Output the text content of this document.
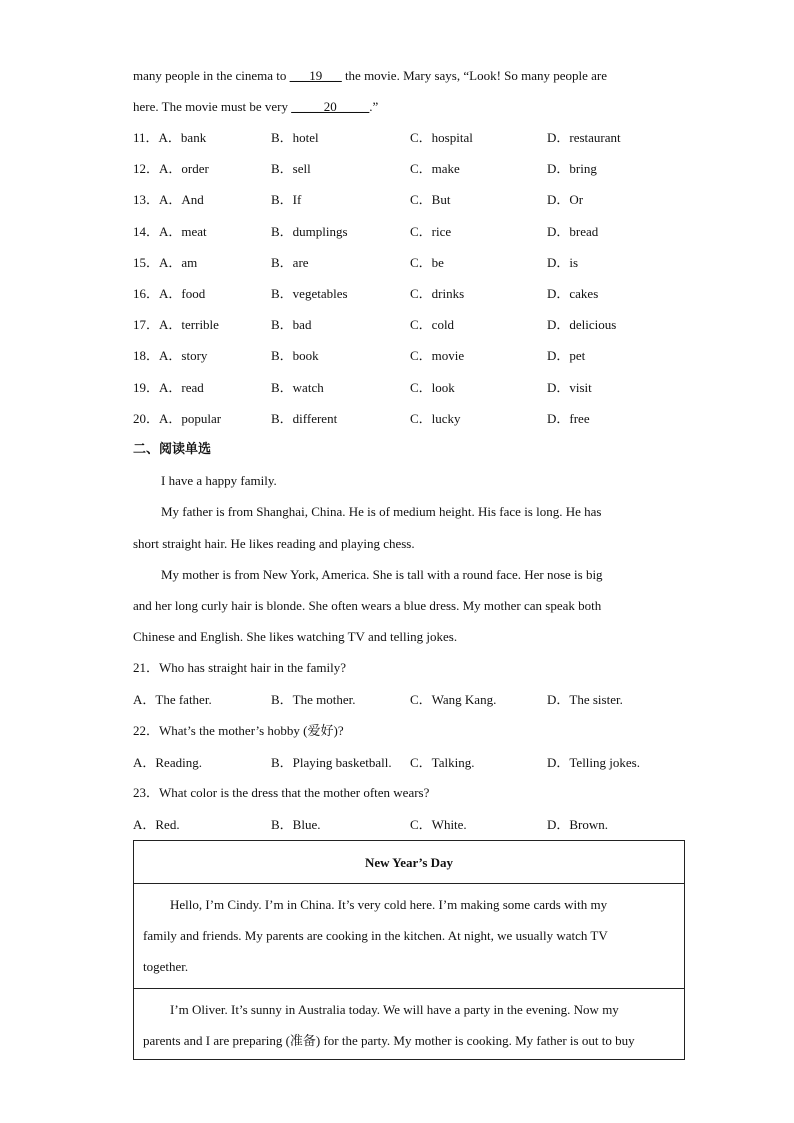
many people in the cinema to ___19___ the movie. Mary says, “Look! So many people are
here. The movie must be very _____20_____.”
11．A．bank	B．hotel	C．hospital	D．restaurant
12．A．order	B．sell	C．make	D．bring
13．A．And	B．If	C．But	D．Or
14．A．meat	B．dumplings	C．rice	D．bread
15．A．am	B．are	C．be	D．is
16．A．food	B．vegetables	C．drinks	D．cakes
17．A．terrible	B．bad	C．cold	D．delicious
18．A．story	B．book	C．movie	D．pet
19．A．read	B．watch	C．look	D．visit
20．A．popular	B．different	C．lucky	D．free
二、阅读单选
I have a happy family.
My father is from Shanghai, China. He is of medium height. His face is long. He has
short straight hair. He likes reading and playing chess.
My mother is from New York, America. She is tall with a round face. Her nose is big
and her long curly hair is blonde. She often wears a blue dress. My mother can speak both
Chinese and English. She likes watching TV and telling jokes.
21．Who has straight hair in the family?
A．The father.	B．The mother.	C．Wang Kang.	D．The sister.
22．What’s the mother’s hobby (爱好)?
A．Reading.	B．Playing basketball. C．Talking.	D．Telling jokes.
23．What color is the dress that the mother often wears?
A．Red.	B．Blue.	C．White.	D．Brown.
New Year’s Day
Hello, I’m Cindy. I’m in China. It’s very cold here. I’m making some cards with my
family and friends. My parents are cooking in the kitchen. At night, we usually watch TV
together.
I’m Oliver. It’s sunny in Australia today. We will have a party in the evening. Now my
parents and I are preparing (准备) for the party. My mother is cooking. My father is out to buy
